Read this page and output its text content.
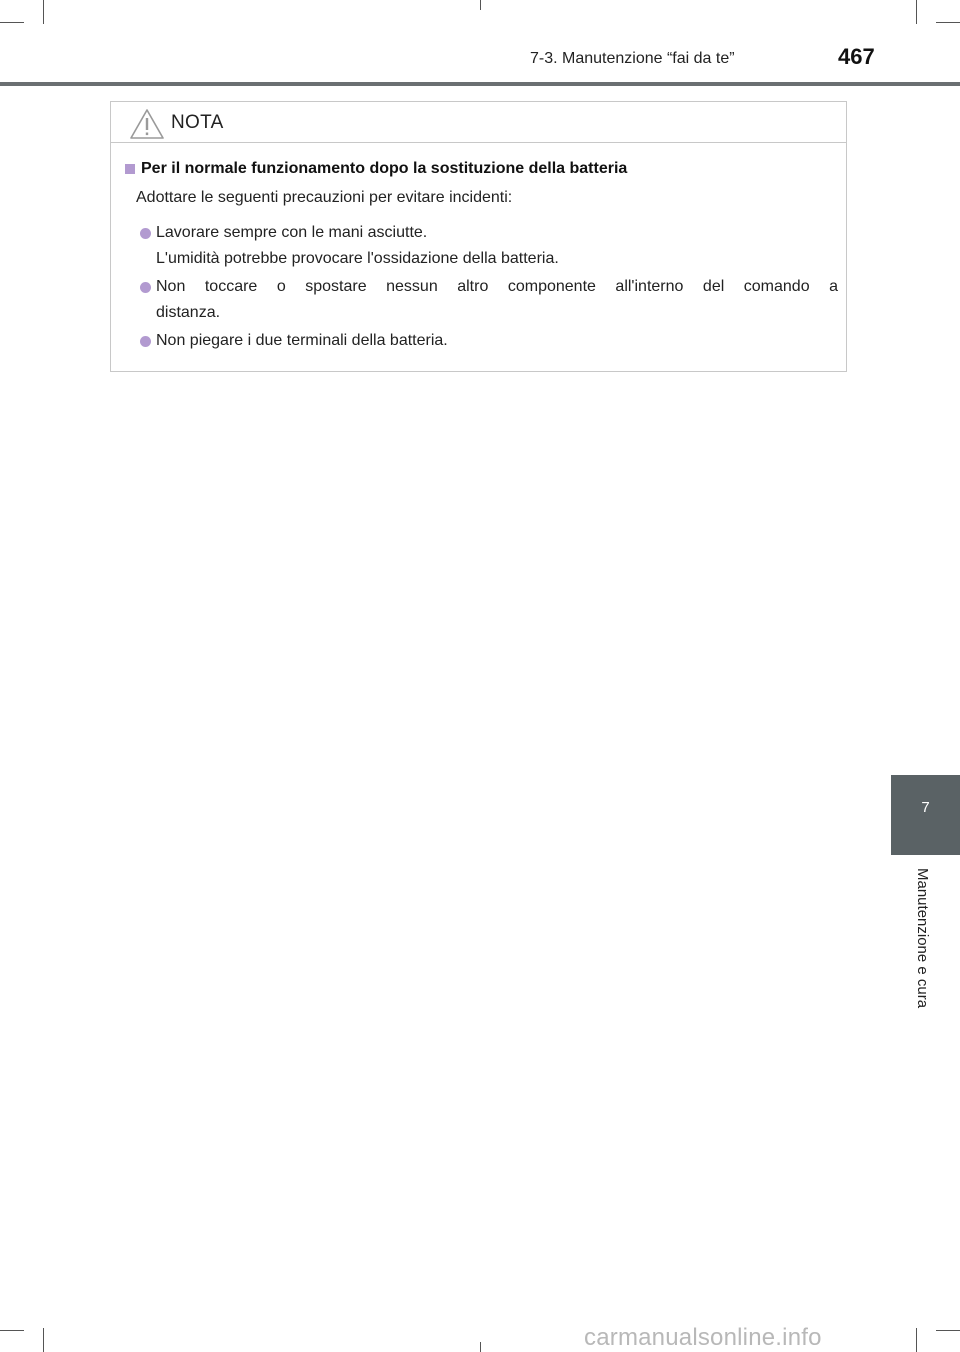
7-3. Manutenzione “fai da te”	467
NOTA
Per il normale funzionamento dopo la sostituzione della batteria
Adottare le seguenti precauzioni per evitare incidenti:
Lavorare sempre con le mani asciutte.
L'umidità potrebbe provocare l'ossidazione della batteria.
Non toccare o spostare nessun altro componente all'interno del comando a
distanza.
Non piegare i due terminali della batteria.
7
Manutenzione e cura
carmanualsonline.info
